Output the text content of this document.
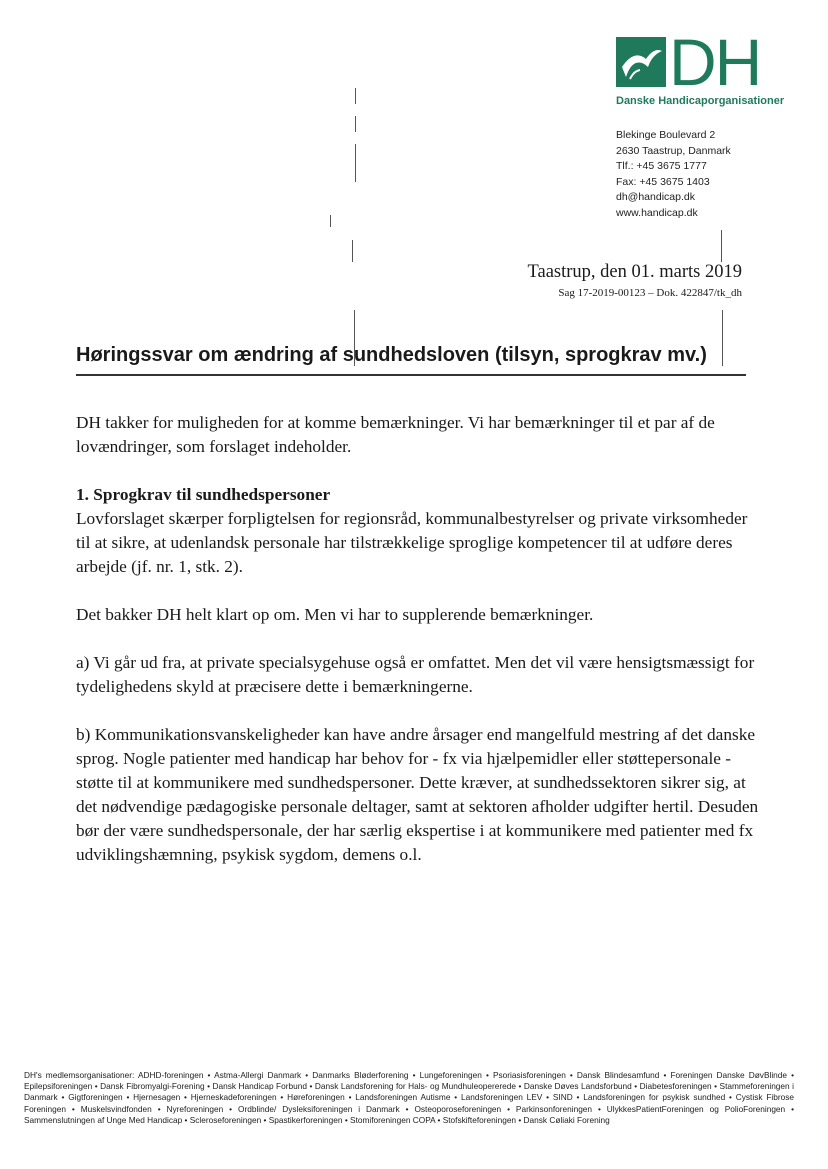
DH
Danske Handicaporganisationer
Blekinge Boulevard 2
2630 Taastrup, Danmark
Tlf.: +45 3675 1777
Fax: +45 3675 1403
dh@handicap.dk
www.handicap.dk
Taastrup, den 01. marts 2019
Sag 17-2019-00123 – Dok. 422847/tk_dh
Høringssvar om ændring af sundhedsloven (tilsyn, sprogkrav mv.)

DH takker for muligheden for at komme bemærkninger. Vi har bemærkninger til et par af de lovændringer, som forslaget indeholder.

1. Sprogkrav til sundhedspersoner

Lovforslaget skærper forpligtelsen for regionsråd, kommunalbestyrelser og private virksomheder til at sikre, at udenlandsk personale har tilstrækkelige sproglige kompetencer til at udføre deres arbejde (jf. nr. 1, stk. 2).

Det bakker DH helt klart op om. Men vi har to supplerende bemærkninger.

a) Vi går ud fra, at private specialsygehuse også er omfattet. Men det vil være hensigtsmæssigt for tydelighedens skyld at præcisere dette i bemærkningerne.

b) Kommunikationsvanskeligheder kan have andre årsager end mangelfuld mestring af det danske sprog. Nogle patienter med handicap har behov for - fx via hjælpemidler eller støttepersonale - støtte til at kommunikere med sundhedspersoner. Dette kræver, at sundhedssektoren sikrer sig, at det nødvendige pædagogiske personale deltager, samt at sektoren afholder udgifter hertil. Desuden bør der være sundhedspersonale, der har særlig ekspertise i at kommunikere med patienter med fx udviklingshæmning, psykisk sygdom, demens o.l.

DH's medlemsorganisationer: ADHD-foreningen • Astma-Allergi Danmark • Danmarks Bløderforening • Lungeforeningen • Psoriasisforeningen • Dansk Blindesamfund • Foreningen Danske DøvBlinde • Epilepsiforeningen • Dansk Fibromyalgi-Forening • Dansk Handicap Forbund • Dansk Landsforening for Hals- og Mundhuleopererede • Danske Døves Landsforbund • Diabetesforeningen • Stammeforeningen i Danmark • Gigtforeningen • Hjernesagen • Hjerneskadeforeningen • Høreforeningen • Landsforeningen Autisme • Landsforeningen LEV • SIND • Landsforeningen for psykisk sundhed • Cystisk Fibrose Foreningen • Muskelsvindfonden • Nyreforeningen • Ordblinde/ Dysleksiforeningen i Danmark • Osteoporoseforeningen • Parkinsonforeningen • UlykkesPatientForeningen og PolioForeningen • Sammenslutningen af Unge Med Handicap • Scleroseforeningen • Spastikerforeningen • Stomiforeningen COPA • Stofskifteforeningen • Dansk Cøliaki Forening
